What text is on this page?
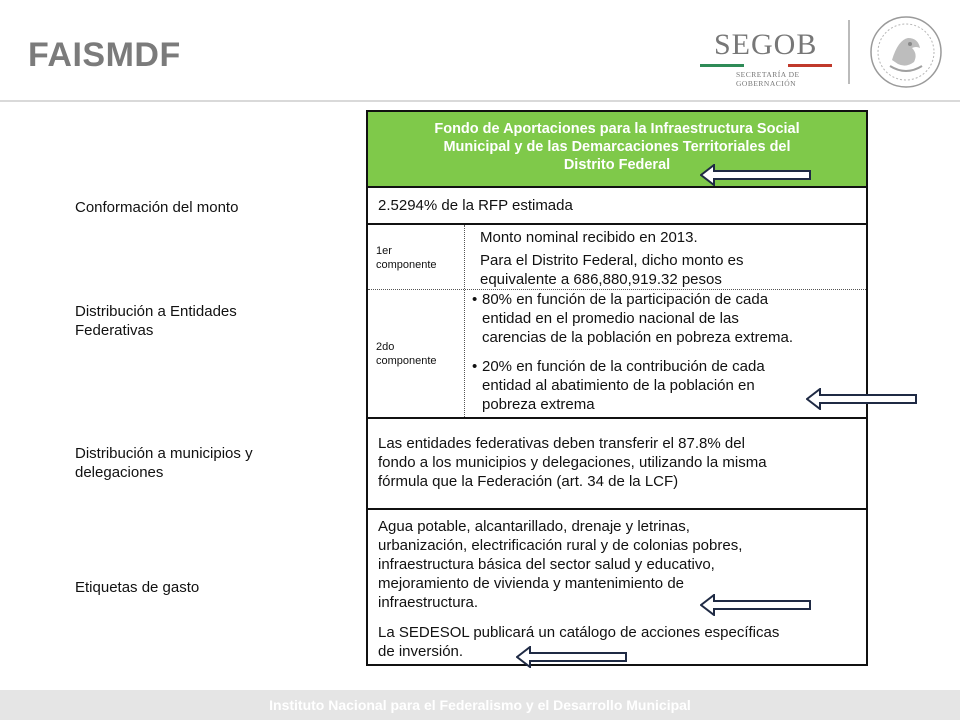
FAISMDF	SEGOB
SECRETARÍA DE
GOBERNACIÓN
Conformación del monto
Distribución a Entidades
Federativas
Distribución a municipios y
delegaciones
Etiquetas de gasto
Fondo de Aportaciones para la Infraestructura Social
Municipal y de las Demarcaciones Territoriales del
Distrito Federal
2.5294% de la RFP estimada
1er
componente
Monto nominal recibido en 2013.
Para el Distrito Federal, dicho monto es
equivalente a 686,880,919.32 pesos
2do
componente
• 80% en función de la participación de cada
entidad en el promedio nacional de las
carencias de la población en pobreza extrema.
• 20% en función de la contribución de cada
entidad al abatimiento de la población en
pobreza extrema
Las entidades federativas deben transferir el 87.8% del
fondo a los municipios y delegaciones, utilizando la misma
fórmula que la Federación (art. 34 de la LCF)
Agua potable, alcantarillado, drenaje y letrinas,
urbanización, electrificación rural y de colonias pobres,
infraestructura básica del sector salud y educativo,
mejoramiento de vivienda y mantenimiento de
infraestructura.
La SEDESOL publicará un catálogo de acciones específicas
de inversión.
Instituto Nacional para el Federalismo y el Desarrollo Municipal
